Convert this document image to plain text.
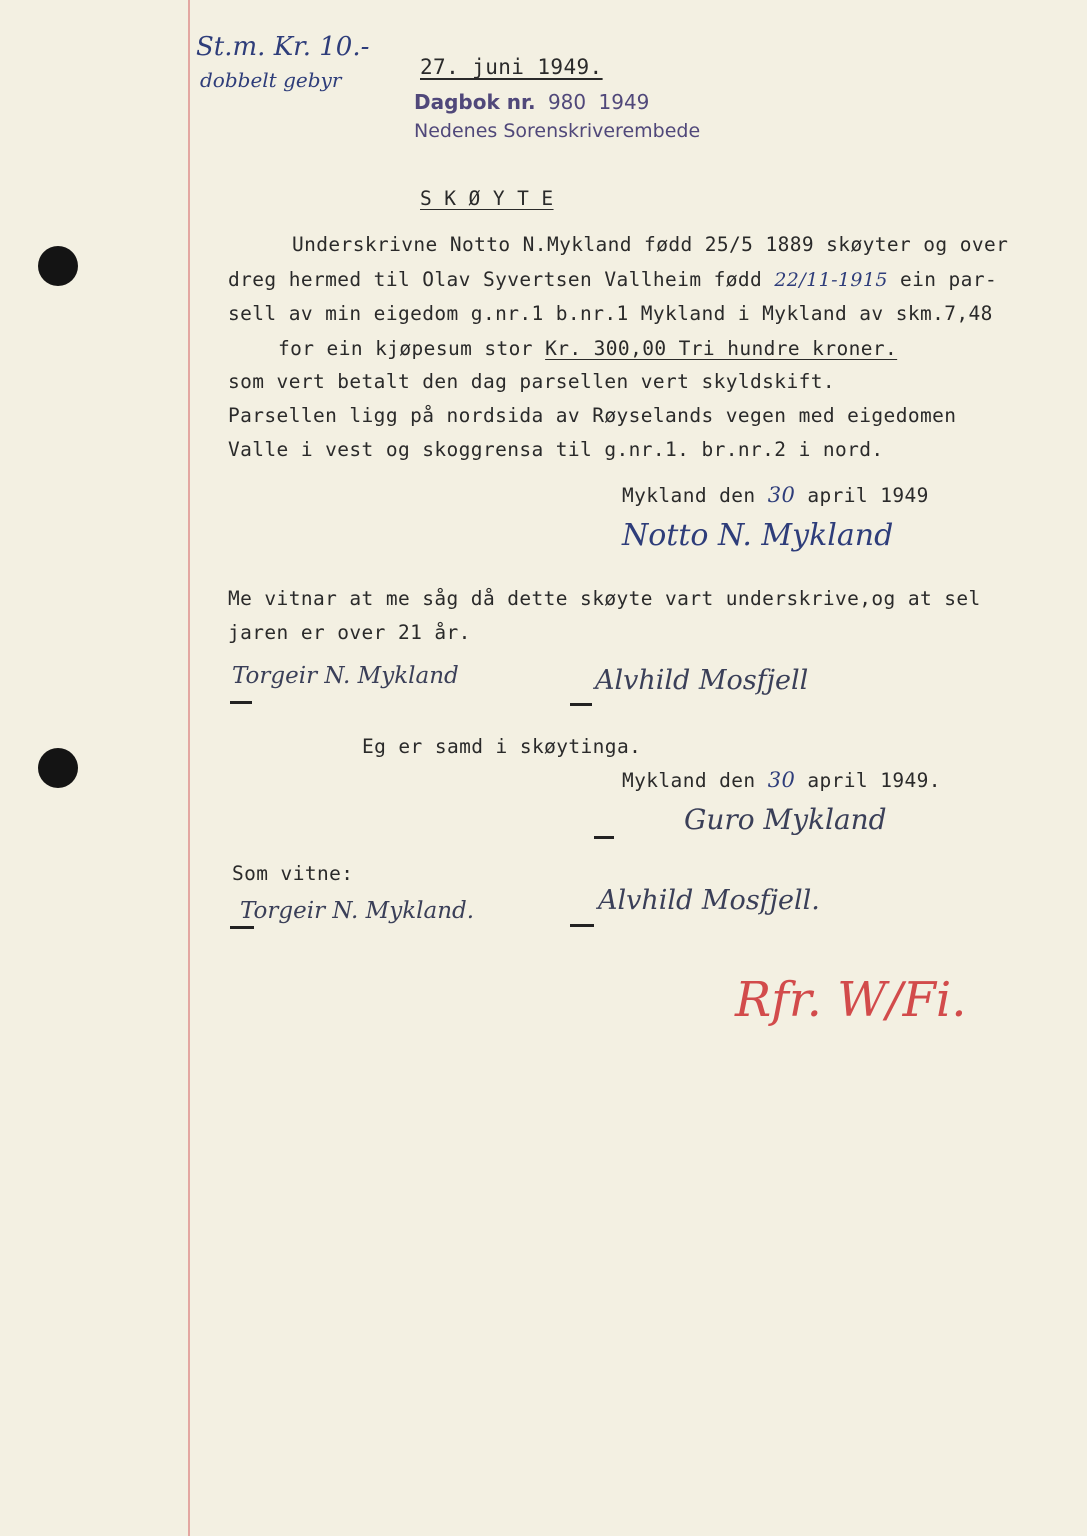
St.m. Kr. 10.-
dobbelt gebyr
27. juni 1949.
Dagbok nr. 980 1949
Nedenes Sorenskriverembede
S K Ø Y T E
Underskrivne Notto N.Mykland fødd 25/5 1889 skøyter og over
dreg hermed til Olav Syvertsen Vallheim fødd 22/11-1915 ein par-
sell av min eigedom g.nr.1 b.nr.1 Mykland i Mykland av skm.7,48
for ein kjøpesum stor Kr. 300,00 Tri hundre kroner.
som vert betalt den dag parsellen vert skyldskift.
Parsellen ligg på nordsida av Røyselands vegen med eigedomen
Valle i vest og skoggrensa til g.nr.1. br.nr.2 i nord.
Mykland den 30 april 1949
Notto N. Mykland
Me vitnar at me såg då dette skøyte vart underskrive,og at sel
jaren er over 21 år.
Torgeir N. Mykland	Alvhild Mosfjell
Eg er samd i skøytinga.
Mykland den 30 april 1949.
Guro Mykland
Som vitne:
Torgeir N. Mykland.	Alvhild Mosfjell.
Rfr. W/Fi.
